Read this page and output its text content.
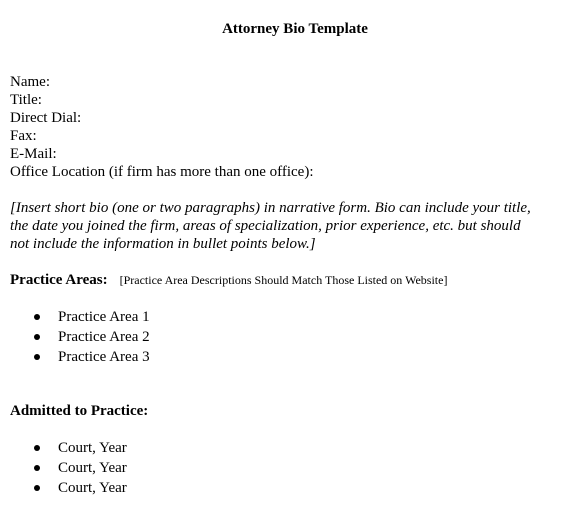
Attorney Bio Template
Name:
Title:
Direct Dial:
Fax:
E-Mail:
Office Location (if firm has more than one office):
[Insert short bio (one or two paragraphs) in narrative form. Bio can include your title,
the date you joined the firm, areas of specialization, prior experience, etc. but should
not include the information in bullet points below.]
Practice Areas: [Practice Area Descriptions Should Match Those Listed on Website]
Practice Area 1
Practice Area 2
Practice Area 3
Admitted to Practice:
Court, Year
Court, Year
Court, Year
